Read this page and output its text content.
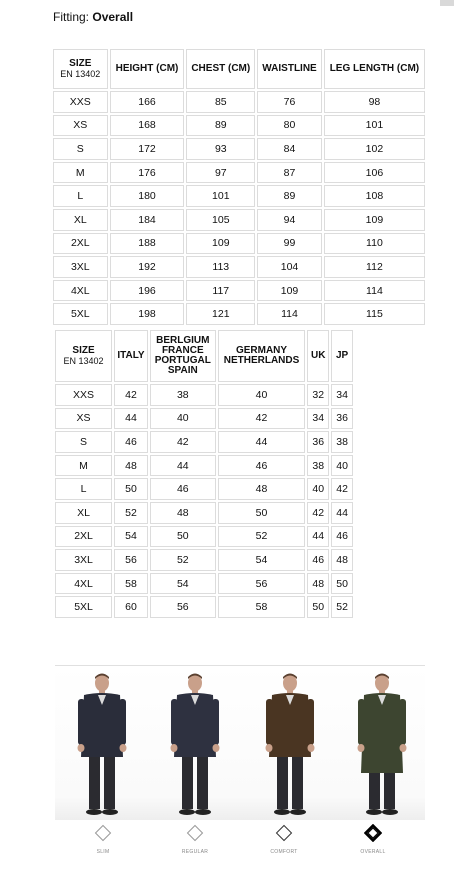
Fitting: Overall
SIZE
EN 13402	HEIGHT (CM)	CHEST (CM)	WAISTLINE	LEG LENGTH (CM)
XXS	166	85	76	98
XS	168	89	80	101
S	172	93	84	102
M	176	97	87	106
L	180	101	89	108
XL	184	105	94	109
2XL	188	109	99	110
3XL	192	113	104	112
4XL	196	117	109	114
5XL	198	121	114	115
SIZE
EN 13402	ITALY	BERLGIUM FRANCE PORTUGAL SPAIN	GERMANY NETHERLANDS	UK	JP
XXS	42	38	40	32	34
XS	44	40	42	34	36
S	46	42	44	36	38
M	48	44	46	38	40
L	50	46	48	40	42
XL	52	48	50	42	44
2XL	54	50	52	44	46
3XL	56	52	54	46	48
4XL	58	54	56	48	50
5XL	60	56	58	50	52
SLIM	REGULAR	COMFORT	OVERALL
